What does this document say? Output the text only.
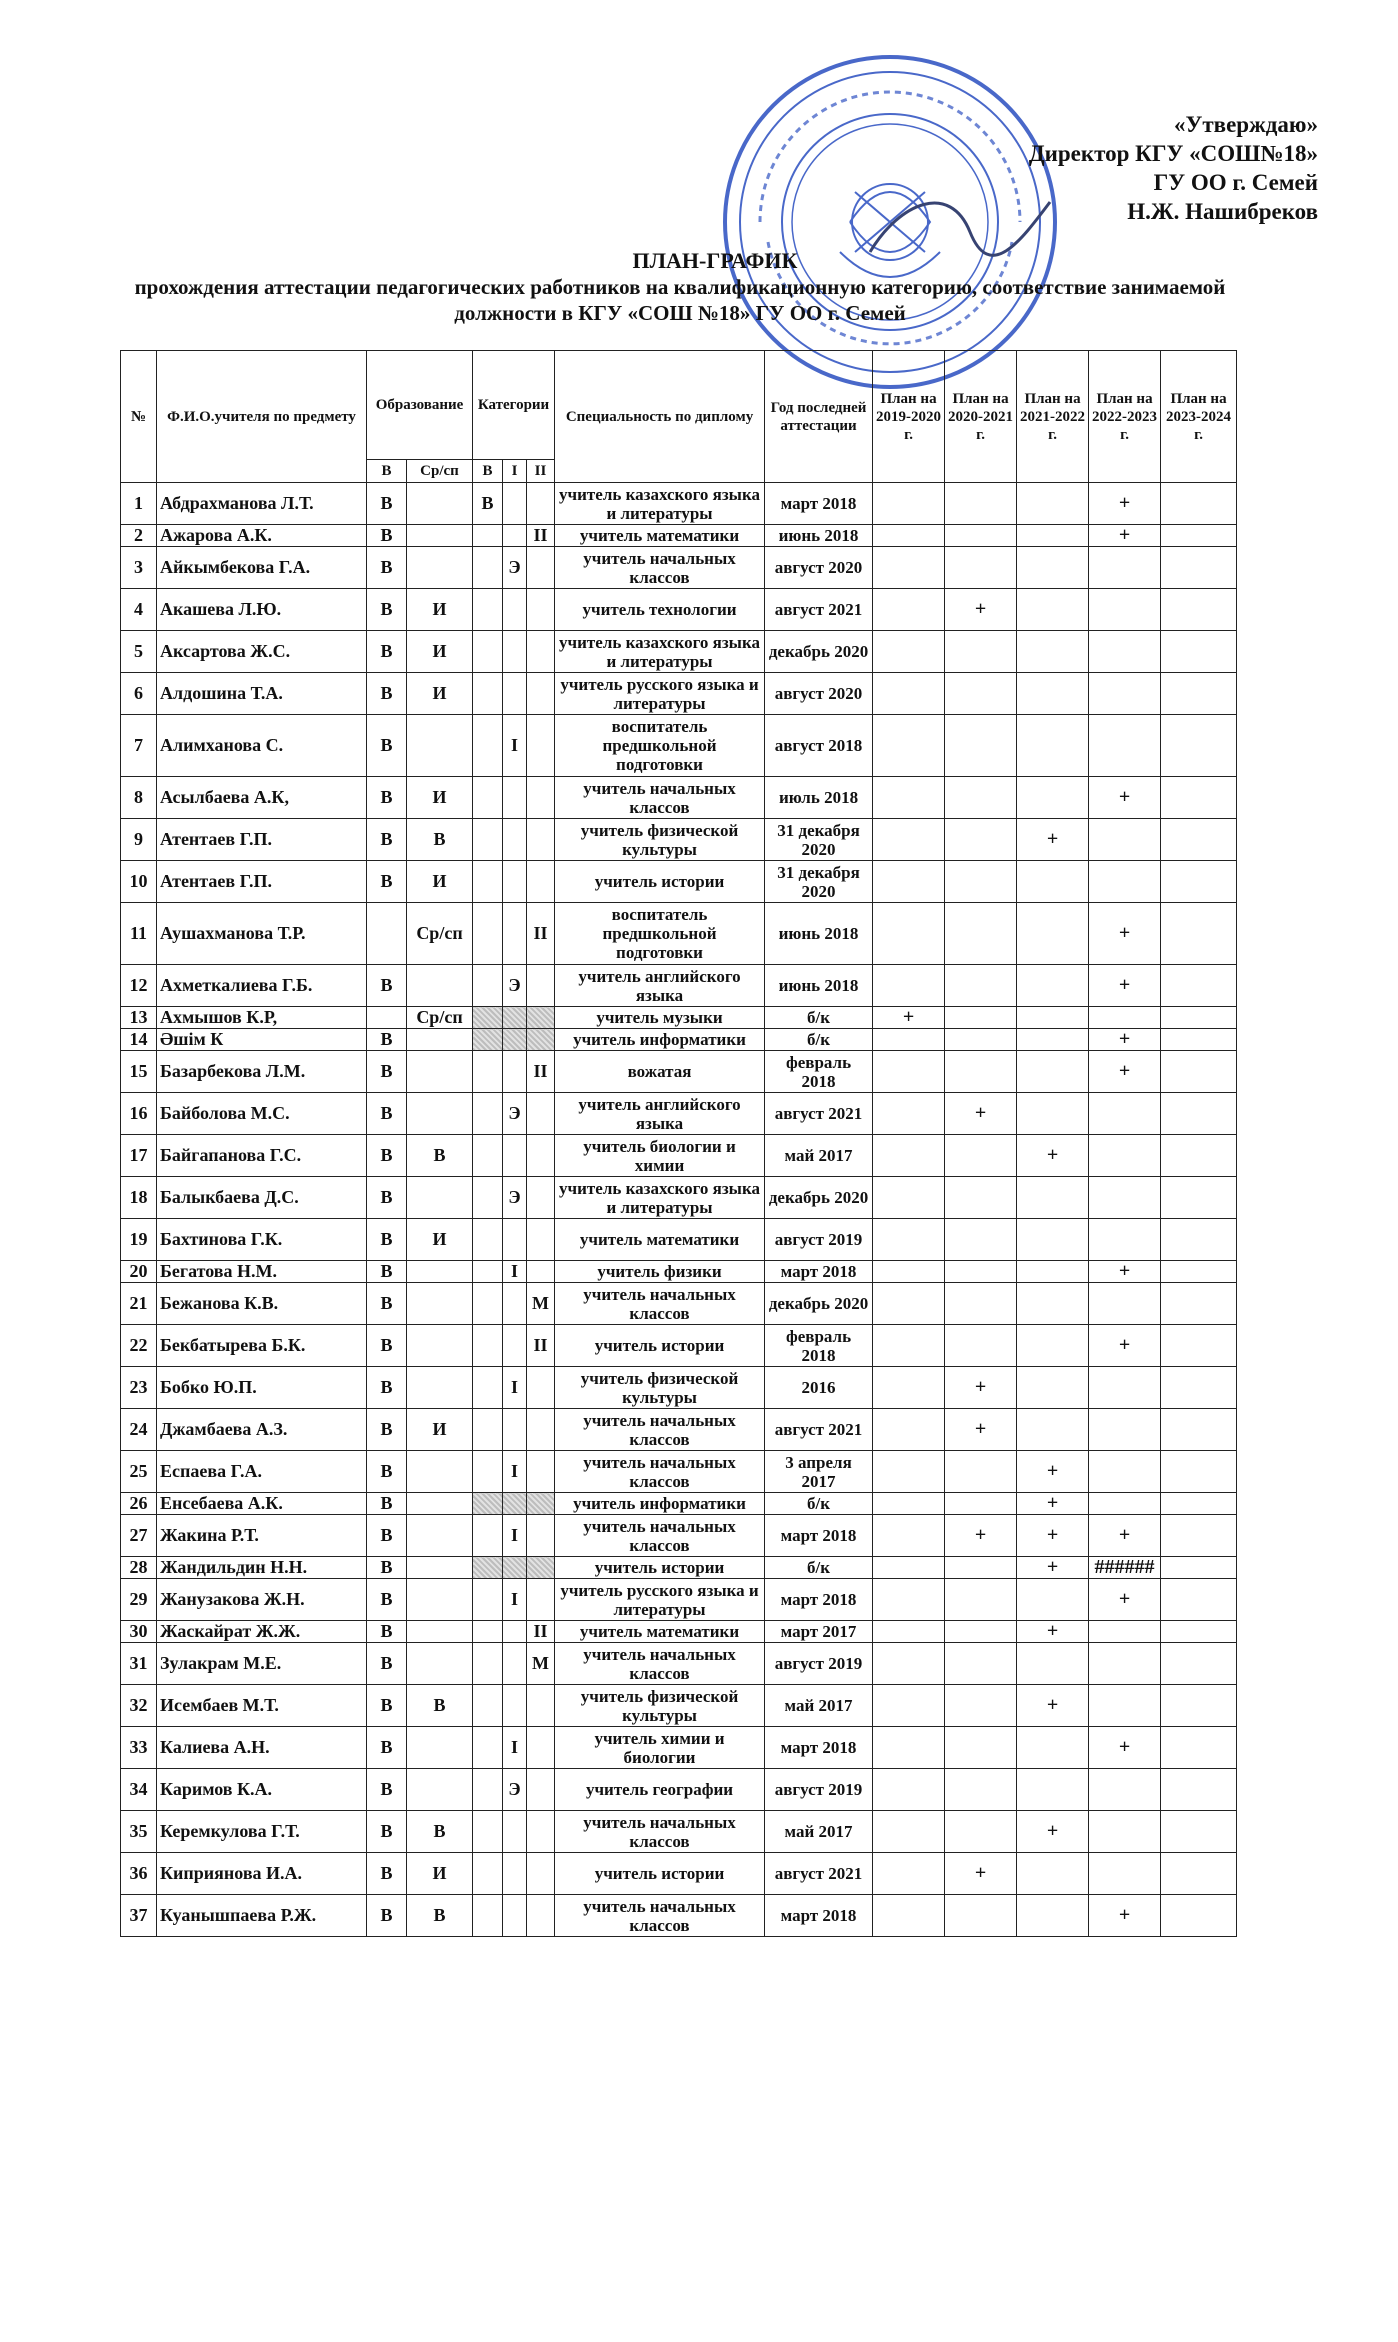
«Утверждаю»
Директор КГУ «СОШ№18»
ГУ ОО г. Семей
Н.Ж. Нашибреков
ПЛАН-ГРАФИК
прохождения аттестации педагогических работников на квалификационную категорию, соответствие занимаемой
должности в КГУ «СОШ №18» ГУ ОО г. Семей
№	Ф.И.О.учителя по предмету	Образование		Категории			Специальность по диплому	Год последней аттестации	План на 2019-2020 г.	План на 2020-2021 г.	План на 2021-2022 г.	План на 2022-2023 г.	План на 2023-2024 г.
		В	Ср/сп	В	I	II							
1	Абдрахманова Л.Т.	В		В			учитель казахского языка и литературы	март 2018				+	
2	Ажарова А.К.	В				II	учитель математики	июнь 2018				+	
3	Айкымбекова Г.А.	В			Э		учитель начальных классов	август 2020					
4	Акашева Л.Ю.	В	И				учитель технологии	август 2021		+			
5	Аксартова Ж.С.	В	И				учитель казахского языка и литературы	декабрь 2020					
6	Алдошина Т.А.	В	И				учитель русского языка и литературы	август 2020					
7	Алимханова С.	В			I		воспитатель предшкольной подготовки	август 2018					
8	Асылбаева А.К,	В	И				учитель начальных классов	июль 2018				+	
9	Атентаев Г.П.	В	В				учитель физической культуры	31 декабря 2020			+		
10	Атентаев Г.П.	В	И				учитель истории	31 декабря 2020					
11	Аушахманова Т.Р.		Ср/сп			II	воспитатель предшкольной подготовки	июнь 2018				+	
12	Ахметкалиева Г.Б.	В			Э		учитель английского языка	июнь 2018				+	
13	Ахмышов К.Р,		Ср/сп				учитель музыки	б/к	+				
14	Әшім К	В					учитель информатики	б/к				+	
15	Базарбекова Л.М.	В				II	вожатая	февраль 2018				+	
16	Байболова М.С.	В			Э		учитель английского языка	август 2021		+			
17	Байгапанова Г.С.	В	В				учитель биологии и химии	май 2017			+		
18	Балыкбаева Д.С.	В			Э		учитель казахского языка и литературы	декабрь 2020					
19	Бахтинова Г.К.	В	И				учитель математики	август 2019					
20	Бегатова Н.М.	В			I		учитель физики	март 2018				+	
21	Бежанова К.В.	В				М	учитель начальных классов	декабрь 2020					
22	Бекбатырева Б.К.	В				II	учитель истории	февраль 2018				+	
23	Бобко Ю.П.	В			I		учитель физической культуры	2016		+			
24	Джамбаева А.З.	В	И				учитель начальных классов	август 2021		+			
25	Еспаева Г.А.	В			I		учитель начальных классов	3 апреля 2017			+		
26	Енсебаева А.К.	В					учитель информатики	б/к			+		
27	Жакина Р.Т.	В			I		учитель начальных классов	март 2018		+	+	+	
28	Жандильдин Н.Н.	В					учитель истории	б/к			+	######	
29	Жанузакова Ж.Н.	В			I		учитель русского языка и литературы	март 2018				+	
30	Жаскайрат Ж.Ж.	В				II	учитель математики	март 2017			+		
31	Зулакрам М.Е.	В				М	учитель начальных классов	август 2019					
32	Исембаев М.Т.	В	В				учитель физической культуры	май 2017			+		
33	Калиева А.Н.	В			I		учитель химии и биологии	март 2018				+	
34	Каримов К.А.	В			Э		учитель географии	август 2019					
35	Керемкулова Г.Т.	В	В				учитель начальных классов	май 2017			+		
36	Киприянова И.А.	В	И				учитель истории	август 2021		+			
37	Куанышпаева Р.Ж.	В	В				учитель начальных классов	март 2018				+	
